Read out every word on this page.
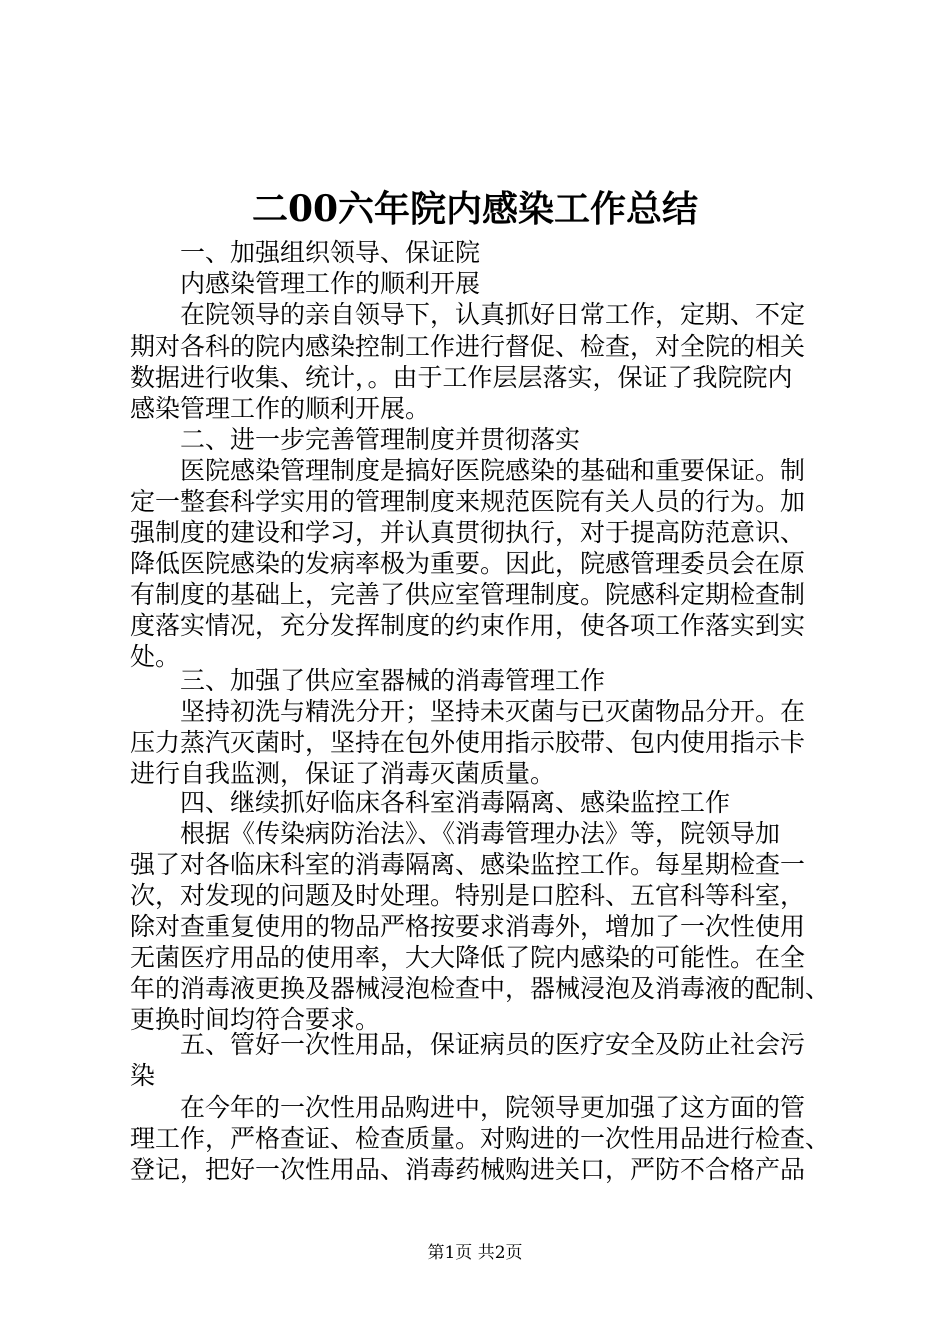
二00六年院内感染工作总结
　　一、加强组织领导、保证院
　　内感染管理工作的顺利开展
　　在院领导的亲自领导下，认真抓好日常工作，定期、不定
期对各科的院内感染控制工作进行督促、检查，对全院的相关
数据进行收集、统计，。由于工作层层落实，保证了我院院内
感染管理工作的顺利开展。
　　二、进一步完善管理制度并贯彻落实
　　医院感染管理制度是搞好医院感染的基础和重要保证。制
定一整套科学实用的管理制度来规范医院有关人员的行为。加
强制度的建设和学习，并认真贯彻执行，对于提高防范意识、
降低医院感染的发病率极为重要。因此，院感管理委员会在原
有制度的基础上，完善了供应室管理制度。院感科定期检查制
度落实情况，充分发挥制度的约束作用，使各项工作落实到实
处。
　　三、加强了供应室器械的消毒管理工作
　　坚持初洗与精洗分开；坚持未灭菌与已灭菌物品分开。在
压力蒸汽灭菌时，坚持在包外使用指示胶带、包内使用指示卡
进行自我监测，保证了消毒灭菌质量。
　　四、继续抓好临床各科室消毒隔离、感染监控工作
　　根据《传染病防治法》、《消毒管理办法》等，院领导加
强了对各临床科室的消毒隔离、感染监控工作。每星期检查一
次，对发现的问题及时处理。特别是口腔科、五官科等科室，
除对查重复使用的物品严格按要求消毒外，增加了一次性使用
无菌医疗用品的使用率，大大降低了院内感染的可能性。在全
年的消毒液更换及器械浸泡检查中，器械浸泡及消毒液的配制、
更换时间均符合要求。
　　五、管好一次性用品，保证病员的医疗安全及防止社会污
染
　　在今年的一次性用品购进中，院领导更加强了这方面的管
理工作，严格查证、检查质量。对购进的一次性用品进行检查、
登记，把好一次性用品、消毒药械购进关口，严防不合格产品
第1页 共2页
